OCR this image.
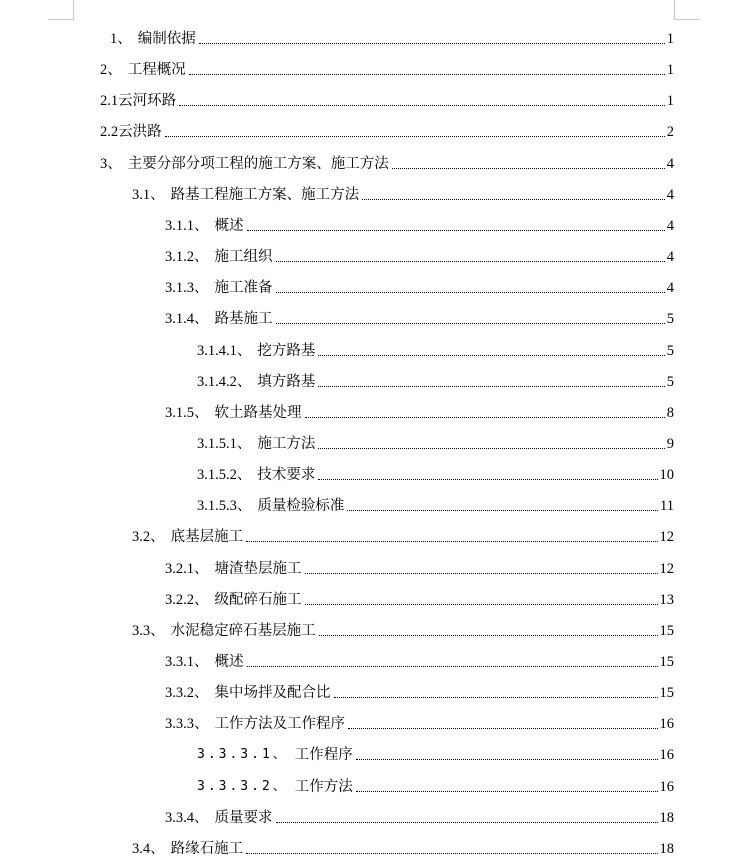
1、 编制依据	1
2、 工程概况	1
2.1 云河环路	1
2.2 云洪路	2
3、 主要分部分项工程的施工方案、施工方法	4
3.1、 路基工程施工方案、施工方法	4
3.1.1、 概述	4
3.1.2、 施工组织	4
3.1.3、 施工准备	4
3.1.4、 路基施工	5
3.1.4.1、 挖方路基	5
3.1.4.2、 填方路基	5
3.1.5、 软土路基处理	8
3.1.5.1、 施工方法	9
3.1.5.2、 技术要求	10
3.1.5.3、 质量检验标准	11
3.2、 底基层施工	12
3.2.1、 塘渣垫层施工	12
3.2.2、 级配碎石施工	13
3.3、 水泥稳定碎石基层施工	15
3.3.1、 概述	15
3.3.2、 集中场拌及配合比	15
3.3.3、 工作方法及工作程序	16
3.3.3.1、 工作程序	16
3.3.3.2、 工作方法	16
3.3.4、 质量要求	18
3.4、 路缘石施工	18
